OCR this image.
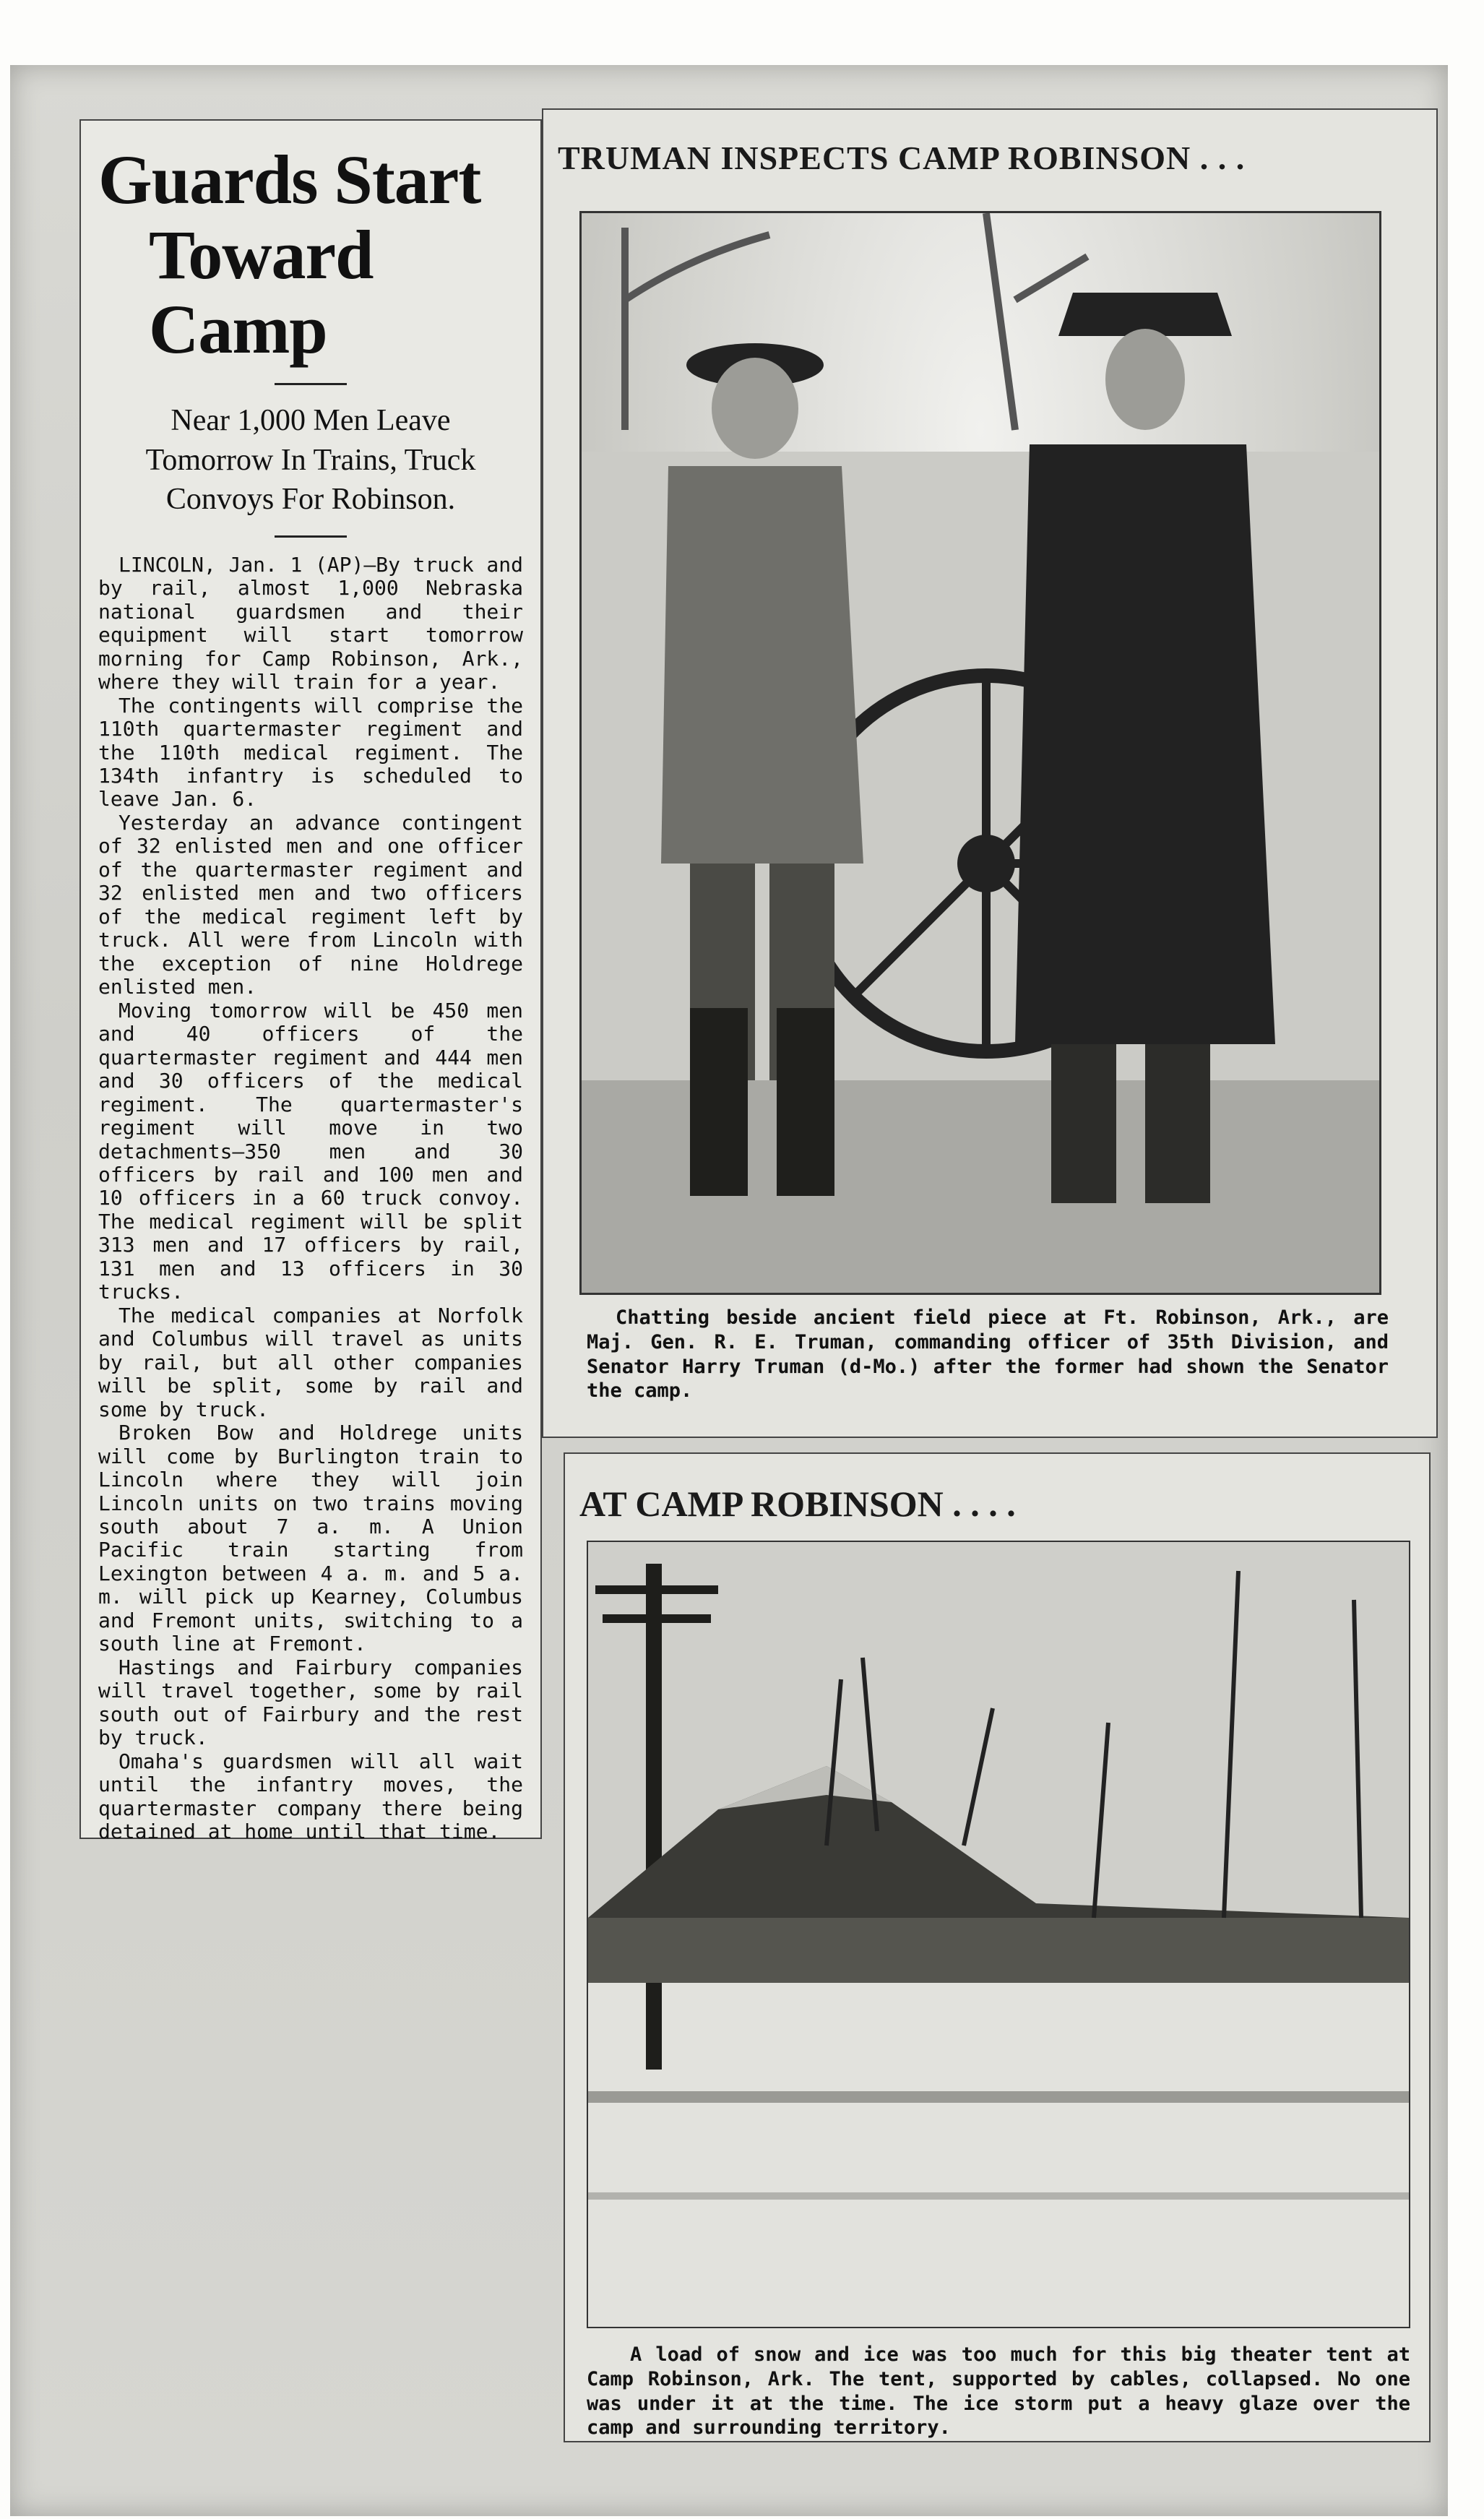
Guards Start
Toward Camp
Near 1,000 Men Leave Tomorrow In Trains, Truck Convoys For Robinson.

LINCOLN, Jan. 1 (AP)—By truck and by rail, almost 1,000 Nebraska national guardsmen and their equipment will start tomorrow morning for Camp Robinson, Ark., where they will train for a year.

The contingents will comprise the 110th quartermaster regiment and the 110th medical regiment. The 134th infantry is scheduled to leave Jan. 6.

Yesterday an advance contingent of 32 enlisted men and one officer of the quartermaster regiment and 32 enlisted men and two officers of the medical regiment left by truck. All were from Lincoln with the exception of nine Holdrege enlisted men.

Moving tomorrow will be 450 men and 40 officers of the quartermaster regiment and 444 men and 30 officers of the medical regiment. The quartermaster's regiment will move in two detachments—350 men and 30 officers by rail and 100 men and 10 officers in a 60 truck convoy. The medical regiment will be split 313 men and 17 officers by rail, 131 men and 13 officers in 30 trucks.

The medical companies at Norfolk and Columbus will travel as units by rail, but all other companies will be split, some by rail and some by truck.

Broken Bow and Holdrege units will come by Burlington train to Lincoln where they will join Lincoln units on two trains moving south about 7 a. m. A Union Pacific train starting from Lexington between 4 a. m. and 5 a. m. will pick up Kearney, Columbus and Fremont units, switching to a south line at Fremont.

Hastings and Fairbury companies will travel together, some by rail south out of Fairbury and the rest by truck.

Omaha's guardsmen will all wait until the infantry moves, the quartermaster company there being detained at home until that time.

TRUMAN INSPECTS CAMP ROBINSON . . .
Chatting beside ancient field piece at Ft. Robinson, Ark., are Maj. Gen. R. E. Truman, commanding officer of 35th Division, and Senator Harry Truman (d-Mo.) after the former had shown the Senator the camp.
AT CAMP ROBINSON . . . .
A load of snow and ice was too much for this big theater tent at Camp Robinson, Ark. The tent, supported by cables, collapsed. No one was under it at the time. The ice storm put a heavy glaze over the camp and surrounding territory.
